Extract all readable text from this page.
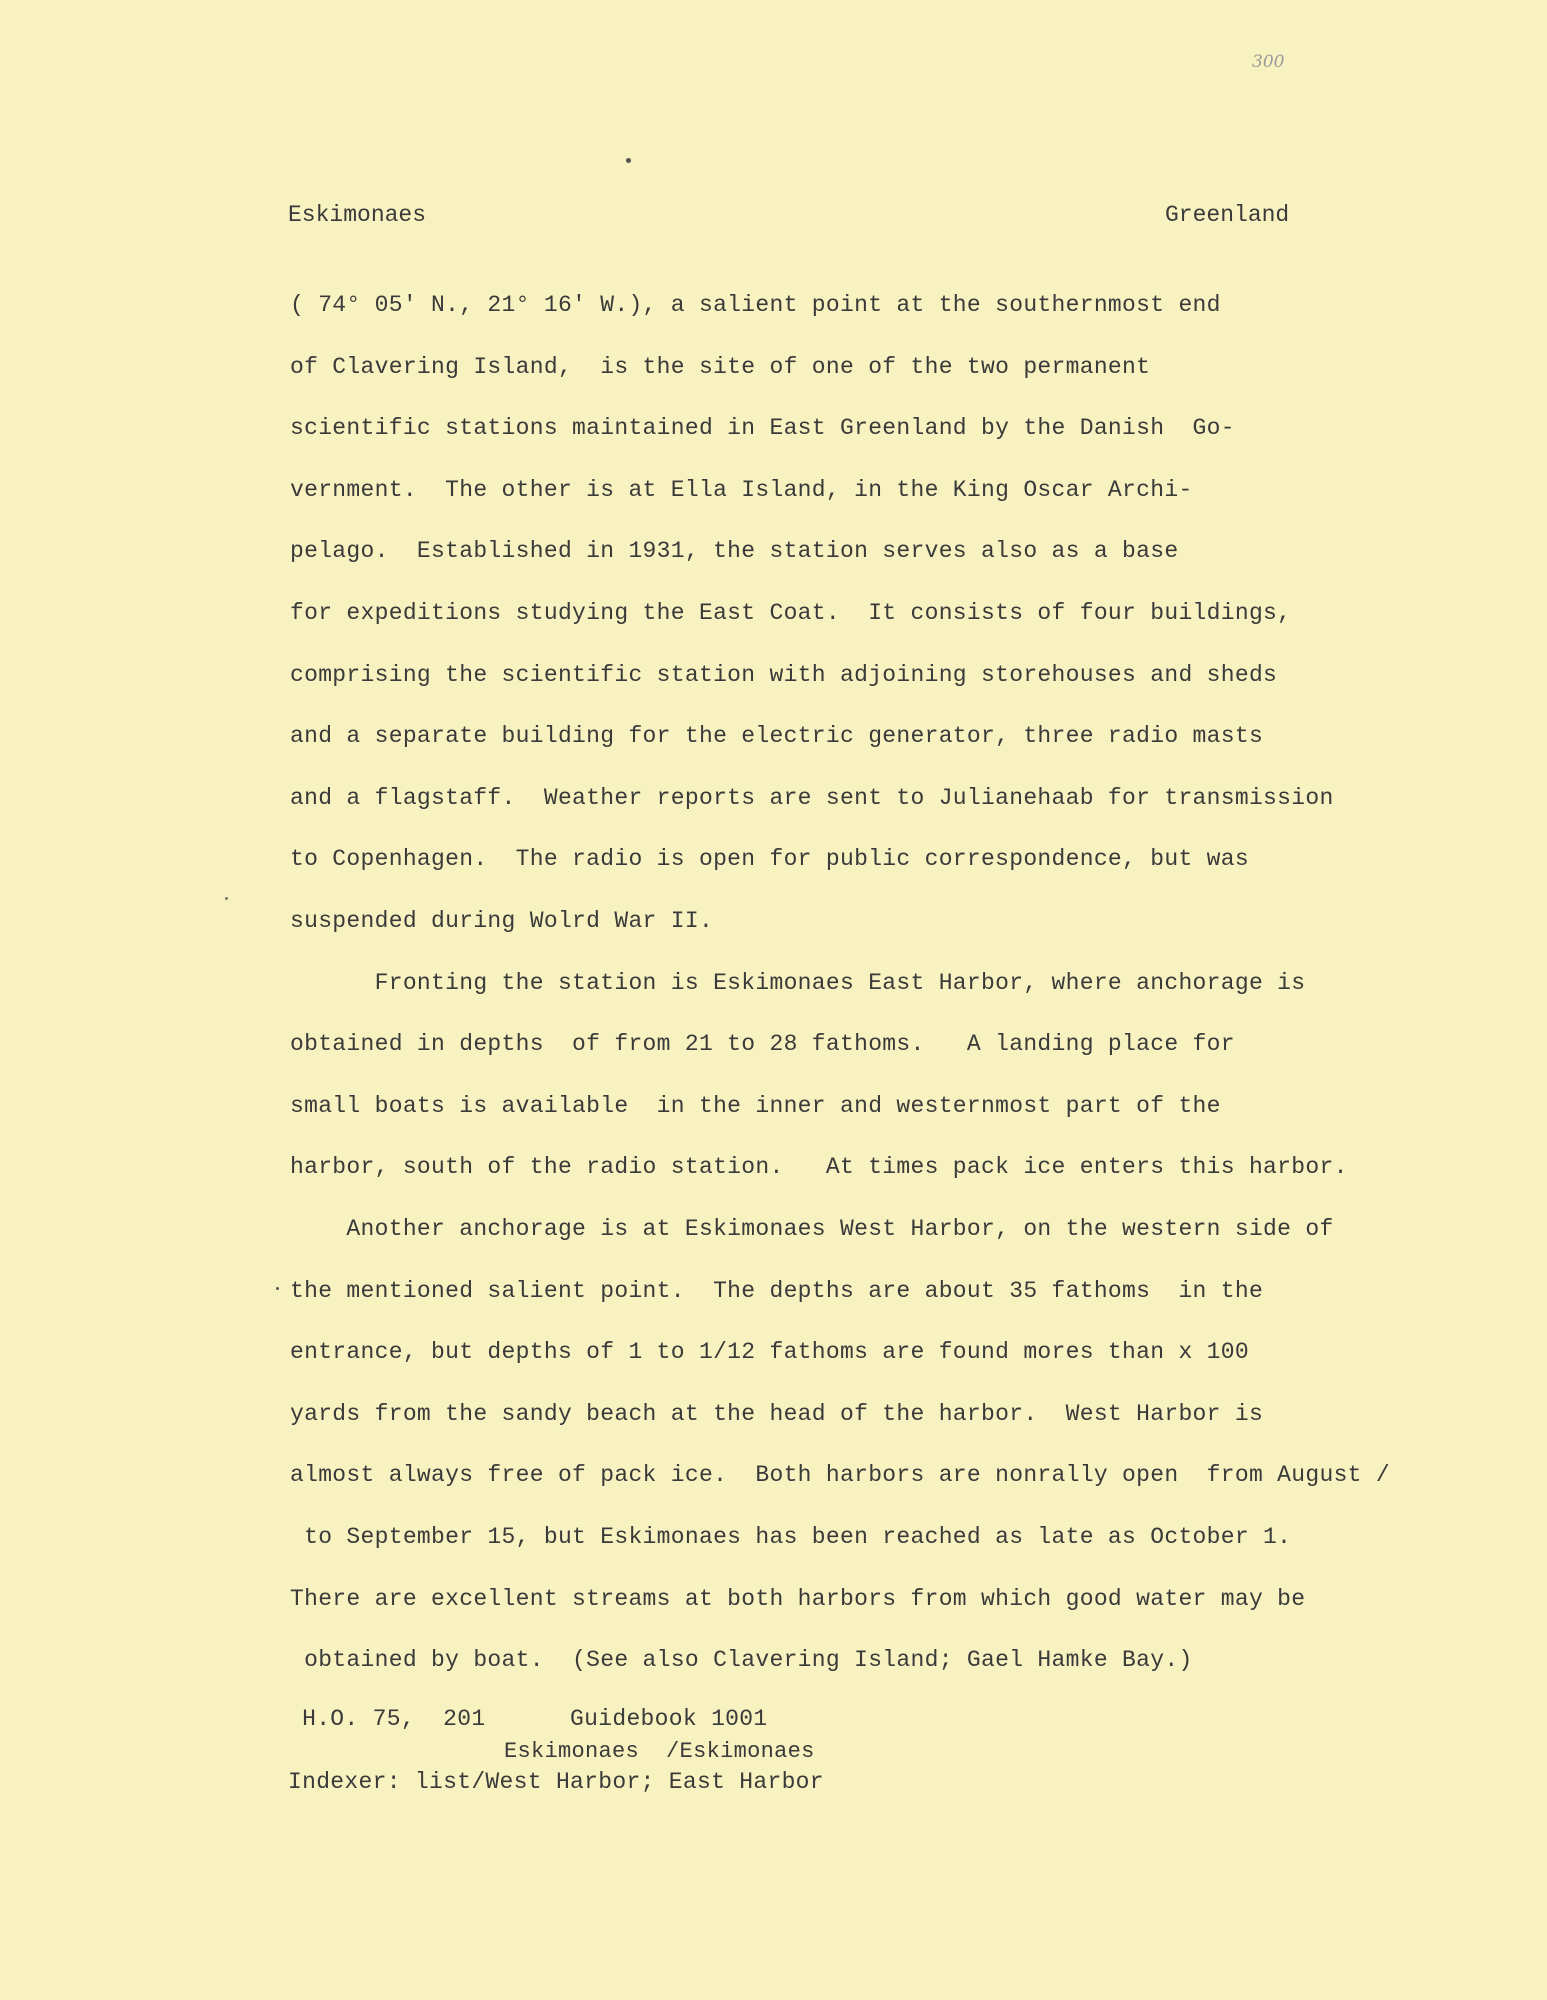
300
Eskimonaes	Greenland
( 74° 05' N., 21° 16' W.), a salient point at the southernmost end
of Clavering Island,  is the site of one of the two permanent
scientific stations maintained in East Greenland by the Danish  Go-
vernment.  The other is at Ella Island, in the King Oscar Archi-
pelago.  Established in 1931, the station serves also as a base
for expeditions studying the East Coat.  It consists of four buildings,
comprising the scientific station with adjoining storehouses and sheds
and a separate building for the electric generator, three radio masts
and a flagstaff.  Weather reports are sent to Julianehaab for transmission
to Copenhagen.  The radio is open for public correspondence, but was
suspended during Wolrd War II.
Fronting the station is Eskimonaes East Harbor, where anchorage is
obtained in depths  of from 21 to 28 fathoms.   A landing place for
small boats is available  in the inner and westernmost part of the
harbor, south of the radio station.   At times pack ice enters this harbor.
Another anchorage is at Eskimonaes West Harbor, on the western side of
the mentioned salient point.  The depths are about 35 fathoms  in the
entrance, but depths of 1 to 1/12 fathoms are found mores than x 100
yards from the sandy beach at the head of the harbor.  West Harbor is
almost always free of pack ice.  Both harbors are nonrally open  from August /
to September 15, but Eskimonaes has been reached as late as October 1.
There are excellent streams at both harbors from which good water may be
obtained by boat.  (See also Clavering Island; Gael Hamke Bay.)
H.O. 75,  201      Guidebook 1001
Eskimonaes  /Eskimonaes
Indexer: list/West Harbor; East Harbor
